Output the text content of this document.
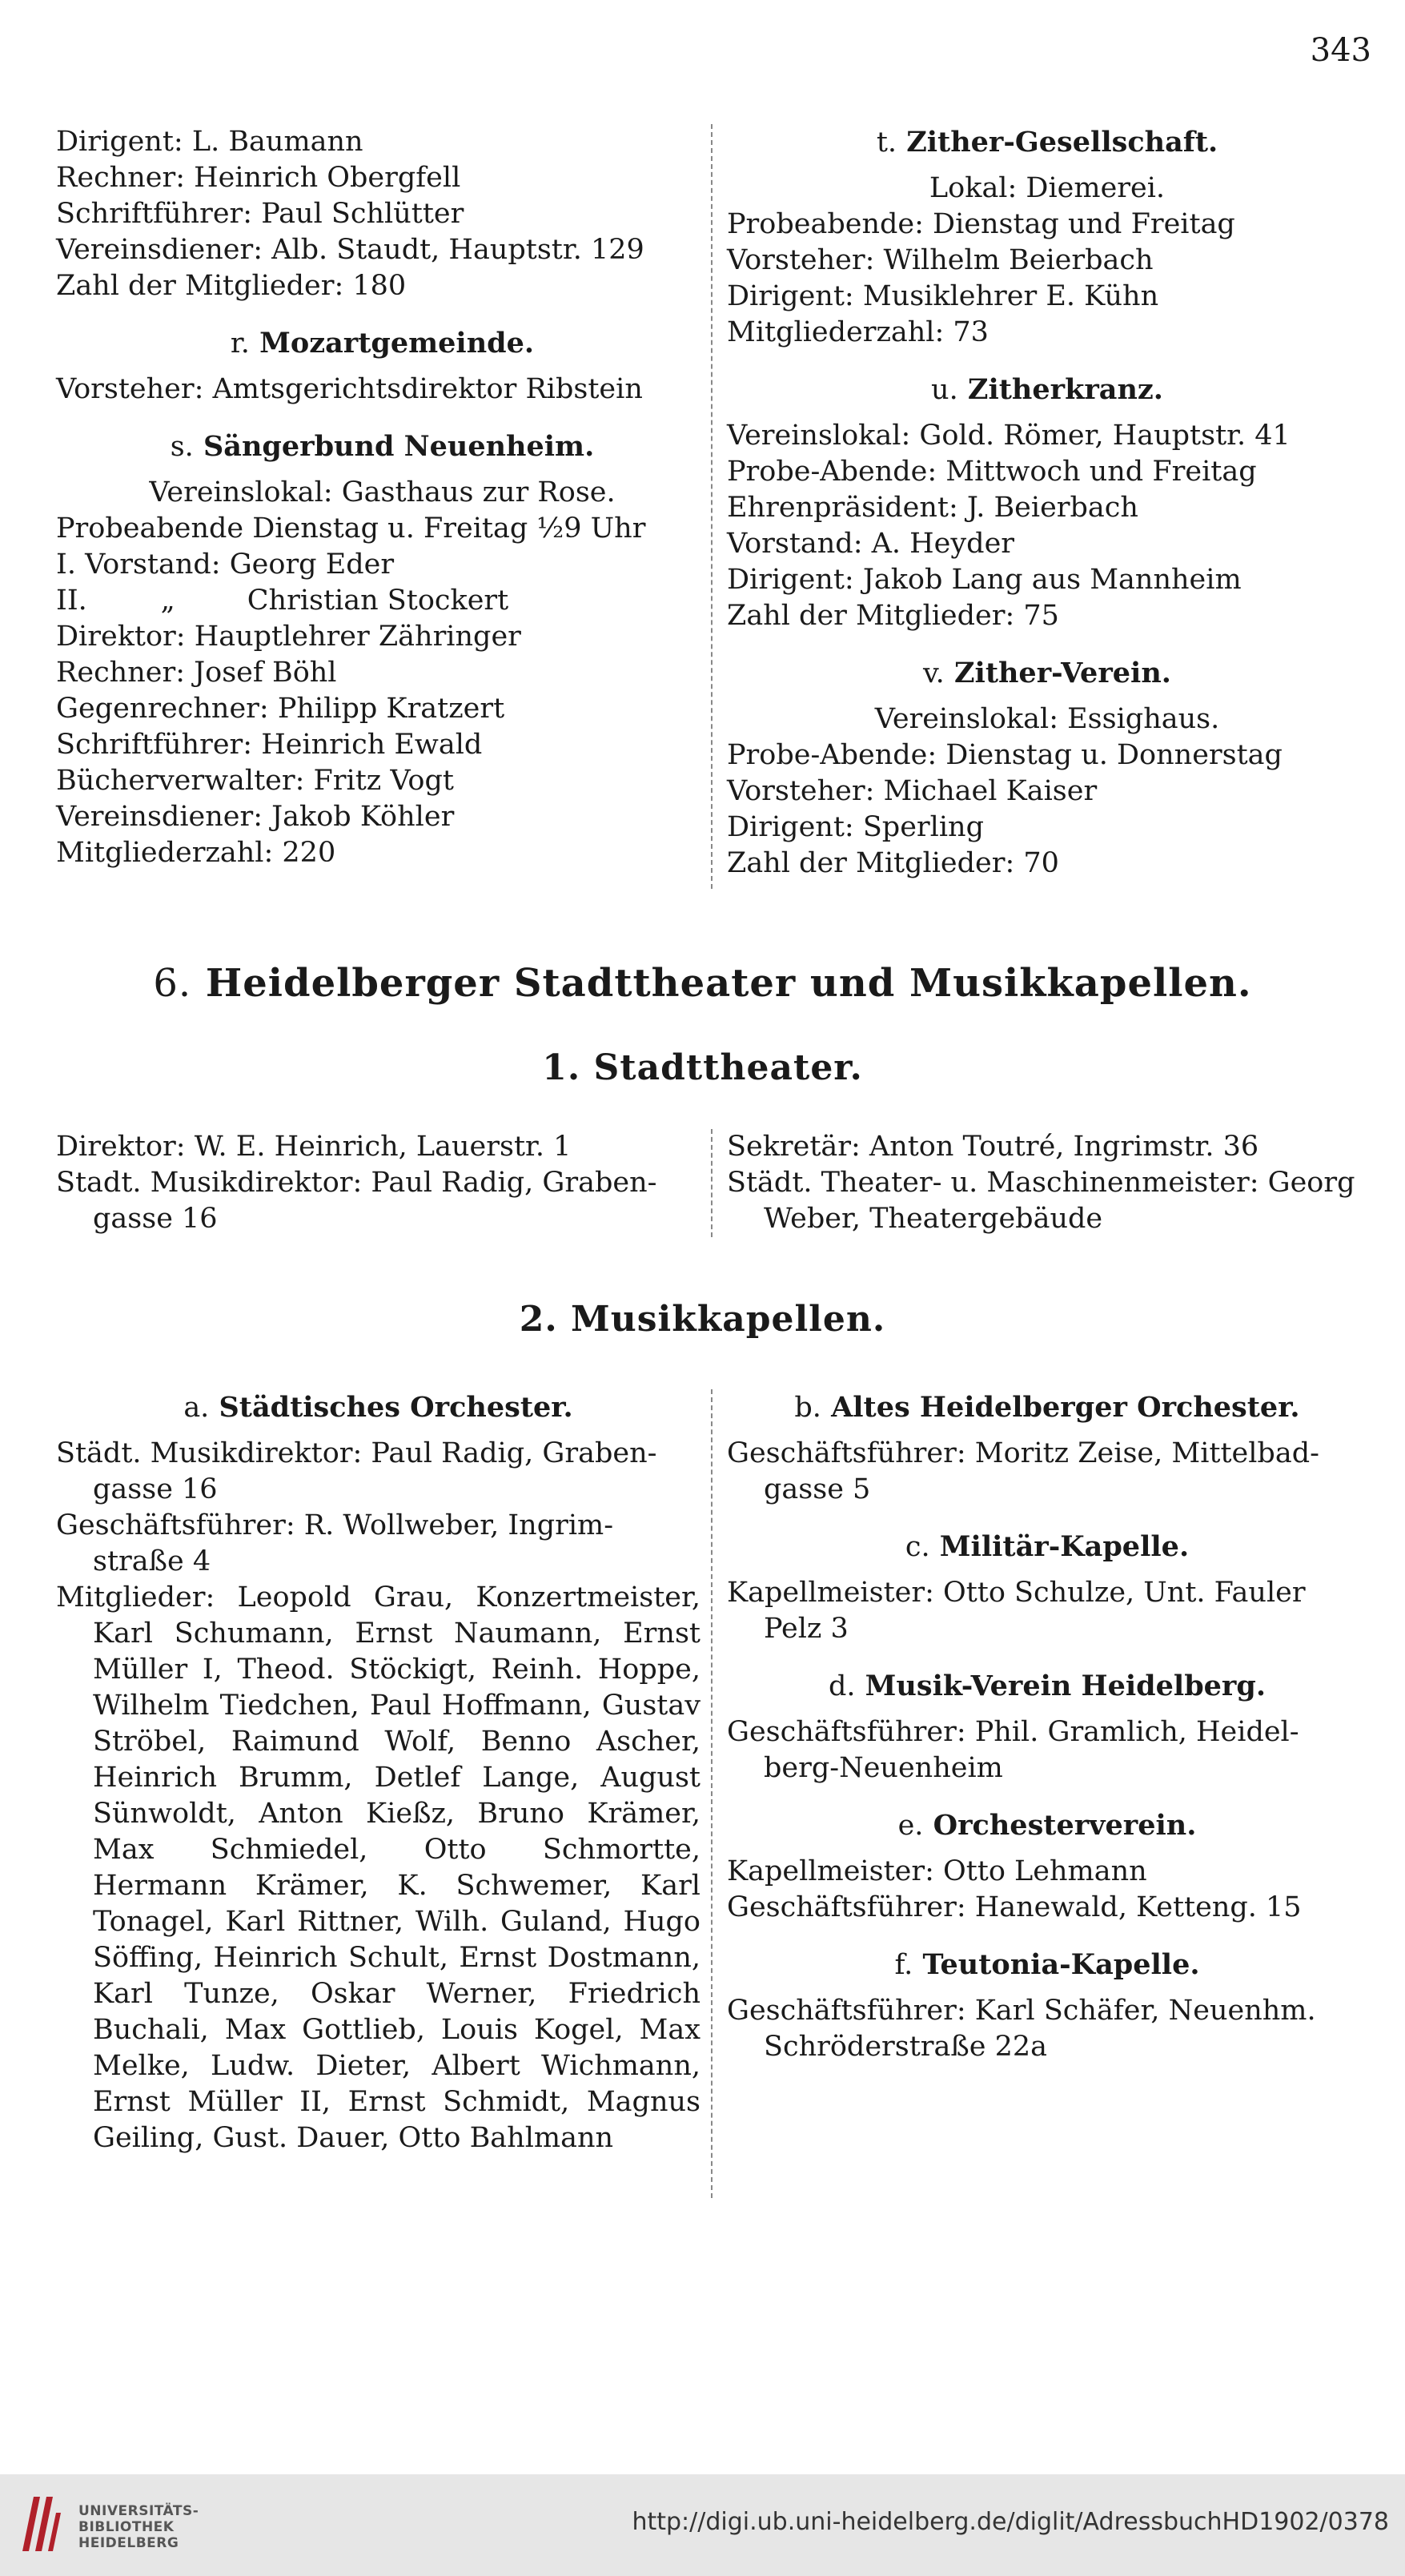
343
Dirigent: L. Baumann
Rechner: Heinrich Obergfell
Schriftführer: Paul Schlütter
Vereinsdiener: Alb. Staudt, Hauptstr. 129
Zahl der Mitglieder: 180
r. Mozartgemeinde.
Vorsteher: Amtsgerichtsdirektor Ribstein
s. Sängerbund Neuenheim.
Vereinslokal: Gasthaus zur Rose.
Probeabende Dienstag u. Freitag ½9 Uhr
I. Vorstand: Georg Eder
II.	„	Christian Stockert
Direktor: Hauptlehrer Zähringer
Rechner: Josef Böhl
Gegenrechner: Philipp Kratzert
Schriftführer: Heinrich Ewald
Bücherverwalter: Fritz Vogt
Vereinsdiener: Jakob Köhler
Mitgliederzahl: 220
t. Zither-Gesellschaft.
Lokal: Diemerei.
Probeabende: Dienstag und Freitag
Vorsteher: Wilhelm Beierbach
Dirigent: Musiklehrer E. Kühn
Mitgliederzahl: 73
u. Zitherkranz.
Vereinslokal: Gold. Römer, Hauptstr. 41
Probe-Abende: Mittwoch und Freitag
Ehrenpräsident: J. Beierbach
Vorstand: A. Heyder
Dirigent: Jakob Lang aus Mannheim
Zahl der Mitglieder: 75
v. Zither-Verein.
Vereinslokal: Essighaus.
Probe-Abende: Dienstag u. Donnerstag
Vorsteher: Michael Kaiser
Dirigent: Sperling
Zahl der Mitglieder: 70
6. Heidelberger Stadttheater und Musikkapellen.
1. Stadttheater.
Direktor: W. E. Heinrich, Lauerstr. 1
Stadt. Musikdirektor: Paul Radig, Graben-
gasse 16
Sekretär: Anton Toutré, Ingrimstr. 36
Städt. Theater- u. Maschinenmeister: Georg
Weber, Theatergebäude
2. Musikkapellen.
a. Städtisches Orchester.
Städt. Musikdirektor: Paul Radig, Graben-
gasse 16
Geschäftsführer: R. Wollweber, Ingrim-
straße 4
Mitglieder: Leopold Grau, Konzertmeister, Karl Schumann, Ernst Naumann, Ernst Müller I, Theod. Stöckigt, Reinh. Hoppe, Wilhelm Tiedchen, Paul Hoffmann, Gustav Ströbel, Raimund Wolf, Benno Ascher, Heinrich Brumm, Detlef Lange, August Sünwoldt, Anton Kießz, Bruno Krämer, Max Schmiedel, Otto Schmortte, Hermann Krämer, K. Schwemer, Karl Tonagel, Karl Rittner, Wilh. Guland, Hugo Söffing, Heinrich Schult, Ernst Dostmann, Karl Tunze, Oskar Werner, Friedrich Buchali, Max Gottlieb, Louis Kogel, Max Melke, Ludw. Dieter, Albert Wichmann, Ernst Müller II, Ernst Schmidt, Magnus Geiling, Gust. Dauer, Otto Bahlmann
b. Altes Heidelberger Orchester.
Geschäftsführer: Moritz Zeise, Mittelbad-
gasse 5
c. Militär-Kapelle.
Kapellmeister: Otto Schulze, Unt. Fauler
Pelz 3
d. Musik-Verein Heidelberg.
Geschäftsführer: Phil. Gramlich, Heidel-
berg-Neuenheim
e. Orchesterverein.
Kapellmeister: Otto Lehmann
Geschäftsführer: Hanewald, Ketteng. 15
f. Teutonia-Kapelle.
Geschäftsführer: Karl Schäfer, Neuenhm.
Schröderstraße 22a
UNIVERSITÄTS-
BIBLIOTHEK
HEIDELBERG
http://digi.ub.uni-heidelberg.de/diglit/AdressbuchHD1902/0378
